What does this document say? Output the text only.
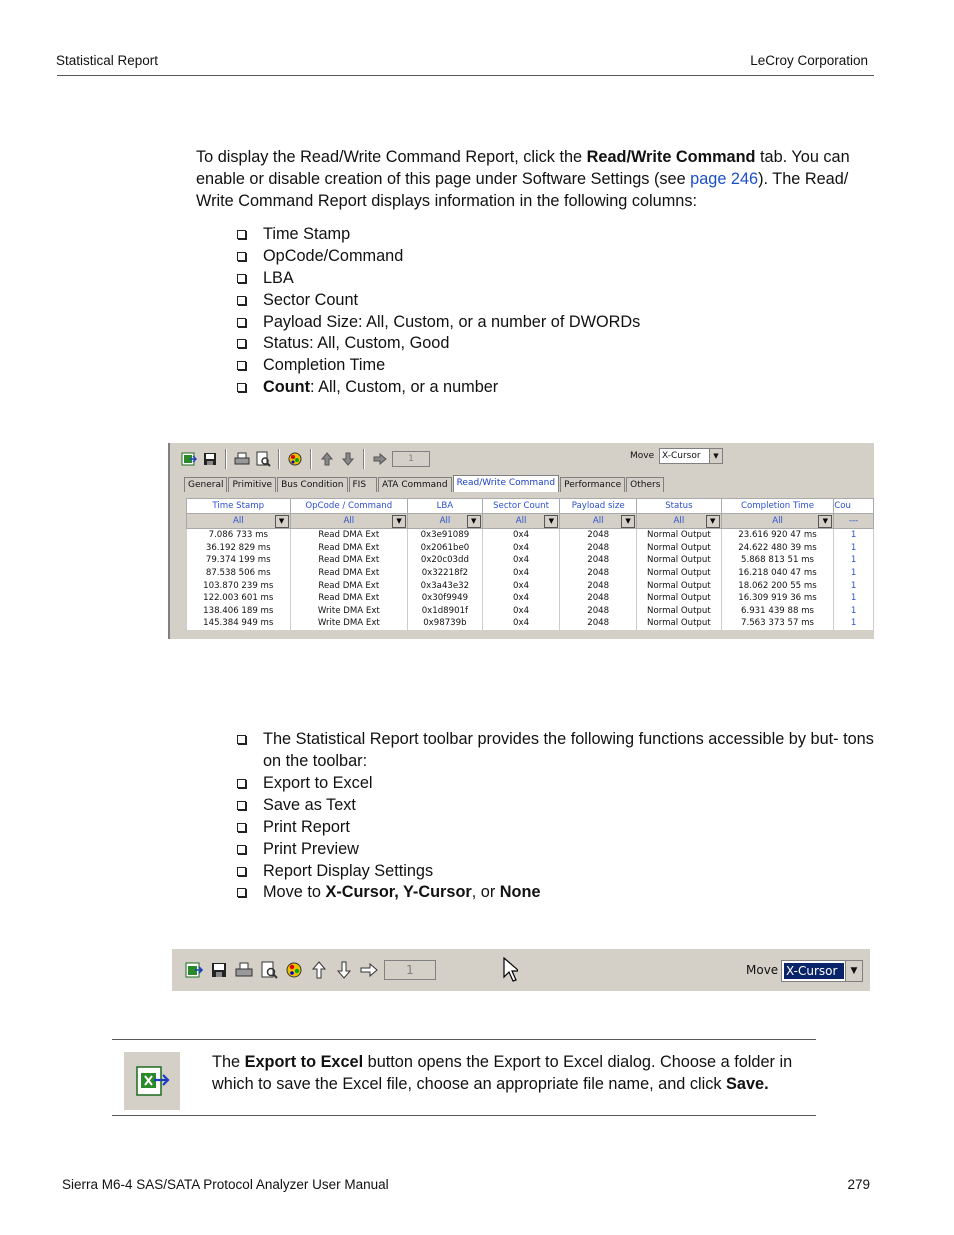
Statistical Report	LeCroy Corporation

To display the Read/Write Command Report, click the Read/Write Command tab. You can enable or disable creation of this page under Software Settings (see page 246). The Read/ Write Command Report displays information in the following columns:

Time Stamp
OpCode/Command
LBA
Sector Count
Payload Size: All, Custom, or a number of DWORDs
Status: All, Custom, Good
Completion Time
Count: All, Custom, or a number
1	Move X-Cursor	▼
General	Primitive	Bus Condition	FIS	ATA Command	Read/Write Command	Performance	Others
Time Stamp	OpCode / Command	LBA	Sector Count	Payload size	Status	Completion Time	Cou
All ▼	All ▼	All ▼	All ▼	All ▼	All ▼	All ▼	---
7.086 733 ms	Read DMA Ext	0x3e91089	0x4	2048	Normal Output	23.616 920 47 ms	1
36.192 829 ms	Read DMA Ext	0x2061be0	0x4	2048	Normal Output	24.622 480 39 ms	1
79.374 199 ms	Read DMA Ext	0x20c03dd	0x4	2048	Normal Output	5.868 813 51 ms	1
87.538 506 ms	Read DMA Ext	0x32218f2	0x4	2048	Normal Output	16.218 040 47 ms	1
103.870 239 ms	Read DMA Ext	0x3a43e32	0x4	2048	Normal Output	18.062 200 55 ms	1
122.003 601 ms	Read DMA Ext	0x30f9949	0x4	2048	Normal Output	16.309 919 36 ms	1
138.406 189 ms	Write DMA Ext	0x1d8901f	0x4	2048	Normal Output	6.931 439 88 ms	1
145.384 949 ms	Write DMA Ext	0x98739b	0x4	2048	Normal Output	7.563 373 57 ms	1
The Statistical Report toolbar provides the following functions accessible by but- tons on the toolbar:
Export to Excel
Save as Text
Print Report
Print Preview
Report Display Settings
Move to X-Cursor, Y-Cursor, or None
1	Move X-Cursor	▼

The Export to Excel button opens the Export to Excel dialog. Choose a folder in which to save the Excel file, choose an appropriate file name, and click Save.

Sierra M6-4 SAS/SATA Protocol Analyzer User Manual	279
